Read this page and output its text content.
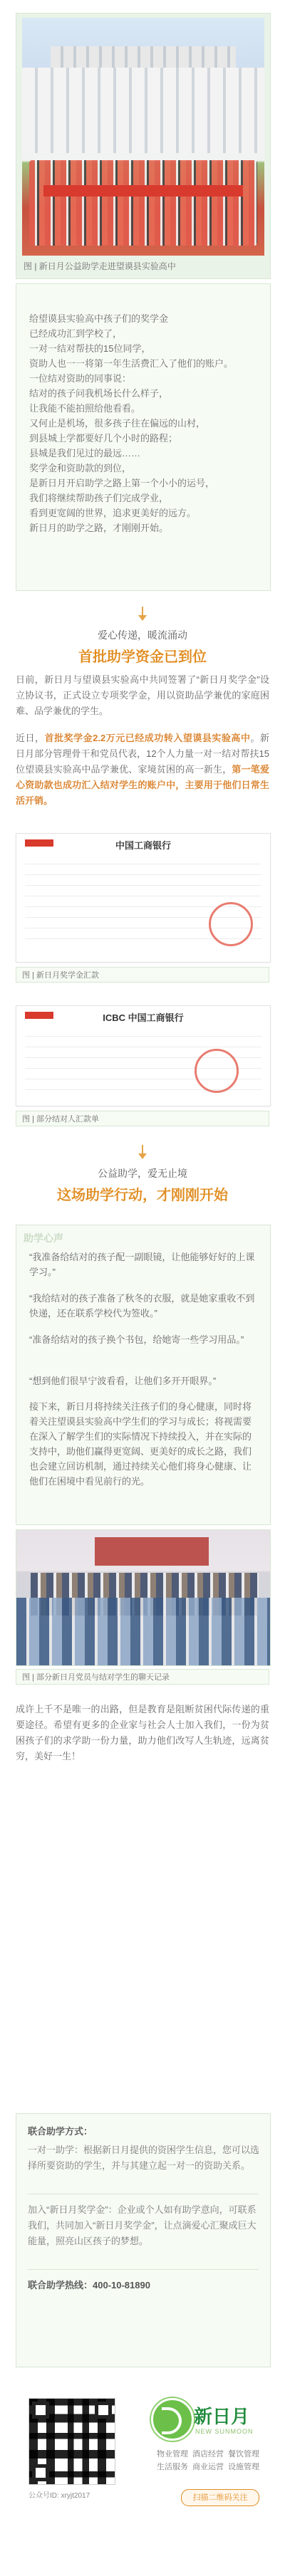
图 | 新日月公益助学走进望谟县实验高中
给望谟县实验高中孩子们的奖学金
已经成功汇到学校了，
一对一结对帮扶的15位同学，
资助人也一一将第一年生活费汇入了他们的账户。
一位结对资助的同事说：
结对的孩子问我机场长什么样子，
让我能不能拍照给他看看。
又何止是机场，很多孩子往在偏远的山村，
到县城上学都要好几个小时的路程；
县城是我们见过的最远……
奖学金和资助款的到位，
是新日月开启助学之路上第一个小小的运号，
我们将继续帮助孩子们完成学业，
看到更宽阔的世界，追求更美好的远方。
新日月的助学之路，才刚刚开始。
爱心传递，暖流涌动
首批助学资金已到位
日前，新日月与望谟县实验高中共同签署了“新日月奖学金”设立协议书，正式设立专项奖学金，用以资助品学兼优的家庭困难、品学兼优的学生。
近日，首批奖学金2.2万元已经成功转入望谟县实验高中。新日月部分管理骨干和党员代表，12个人力量一对一结对帮扶15位望谟县实验高中品学兼优、家境贫困的高一新生，第一笔爱心资助款也成功汇入结对学生的账户中，主要用于他们日常生活开销。
中国工商银行
图 | 新日月奖学金汇款
ICBC 中国工商银行
图 | 部分结对人汇款单
公益助学，爱无止境
这场助学行动，才刚刚开始
助学心声

“我准备给结对的孩子配一副眼镜，让他能够好好的上课学习。”

“我给结对的孩子准备了秋冬的衣服，就是她家重收不到快递，还在联系学校代为签收。”

“准备给结对的孩子换个书包，给她寄一些学习用品。”

“想到他们很早宁波看看，让他们多开开眼界。”

接下来，新日月将持续关注孩子们的身心健康，同时将着关注望谟县实验高中学生们的学习与成长；将视需要在深入了解学生们的实际情况下持续投入，并在实际的支持中，助他们赢得更宽阔、更美好的成长之路，我们也会建立回访机制，通过持续关心他们将身心健康、让他们在困境中看见前行的光。

图 | 部分新日月党员与结对学生的聊天记录
成许上千不是唯一的出路，但是教育是阻断贫困代际传递的重要途径。希望有更多的企业家与社会人士加入我们，一份为贫困孩子们的求学助一份力量，助力他们改写人生轨迹，远离贫穷，美好一生！
联合助学方式：
一对一助学：根据新日月提供的资困学生信息，您可以选择所要资助的学生，并与其建立起一对一的资助关系。
加入“新日月奖学金”：企业或个人如有助学意向，可联系我们，共同加入“新日月奖学金”，让点滴爱心汇聚成巨大能量，照亮山区孩子的梦想。
联合助学热线：400-10-81890
新日月
NEW SUNMOON
物业管理 酒店经营 餐饮管理
生活服务 商业运营 设施管理
公众号ID: xryjt2017	扫描二维码关注
